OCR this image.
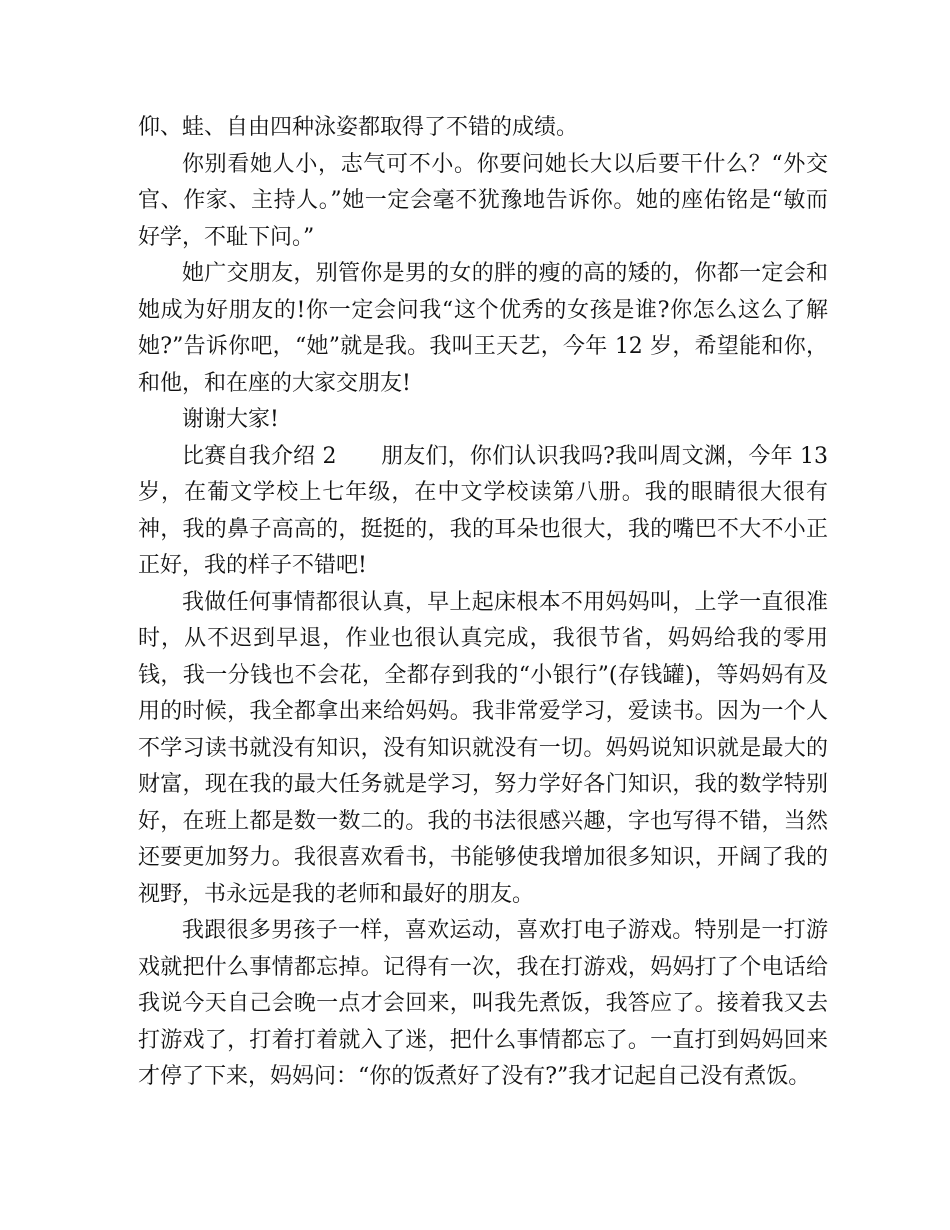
仰、蛙、自由四种泳姿都取得了不错的成绩。

你别看她人小，志气可不小。你要问她长大以后要干什么？“外交官、作家、主持人。”她一定会毫不犹豫地告诉你。她的座佑铭是“敏而好学，不耻下问。”

她广交朋友，别管你是男的女的胖的瘦的高的矮的，你都一定会和她成为好朋友的!你一定会问我“这个优秀的女孩是谁?你怎么这么了解她?”告诉你吧，“她”就是我。我叫王天艺，今年 12 岁，希望能和你，和他，和在座的大家交朋友!

谢谢大家!

比赛自我介绍 2　　朋友们，你们认识我吗?我叫周文渊，今年 13 岁，在葡文学校上七年级，在中文学校读第八册。我的眼睛很大很有神，我的鼻子高高的，挺挺的，我的耳朵也很大，我的嘴巴不大不小正正好，我的样子不错吧!

我做任何事情都很认真，早上起床根本不用妈妈叫，上学一直很准时，从不迟到早退，作业也很认真完成，我很节省，妈妈给我的零用钱，我一分钱也不会花，全都存到我的“小银行”(存钱罐)，等妈妈有及用的时候，我全都拿出来给妈妈。我非常爱学习，爱读书。因为一个人不学习读书就没有知识，没有知识就没有一切。妈妈说知识就是最大的财富，现在我的最大任务就是学习，努力学好各门知识，我的数学特别好，在班上都是数一数二的。我的书法很感兴趣，字也写得不错，当然还要更加努力。我很喜欢看书，书能够使我增加很多知识，开阔了我的视野，书永远是我的老师和最好的朋友。

我跟很多男孩子一样，喜欢运动，喜欢打电子游戏。特别是一打游戏就把什么事情都忘掉。记得有一次，我在打游戏，妈妈打了个电话给我说今天自己会晚一点才会回来，叫我先煮饭，我答应了。接着我又去打游戏了，打着打着就入了迷，把什么事情都忘了。一直打到妈妈回来才停了下来，妈妈问：“你的饭煮好了没有?”我才记起自己没有煮饭。
